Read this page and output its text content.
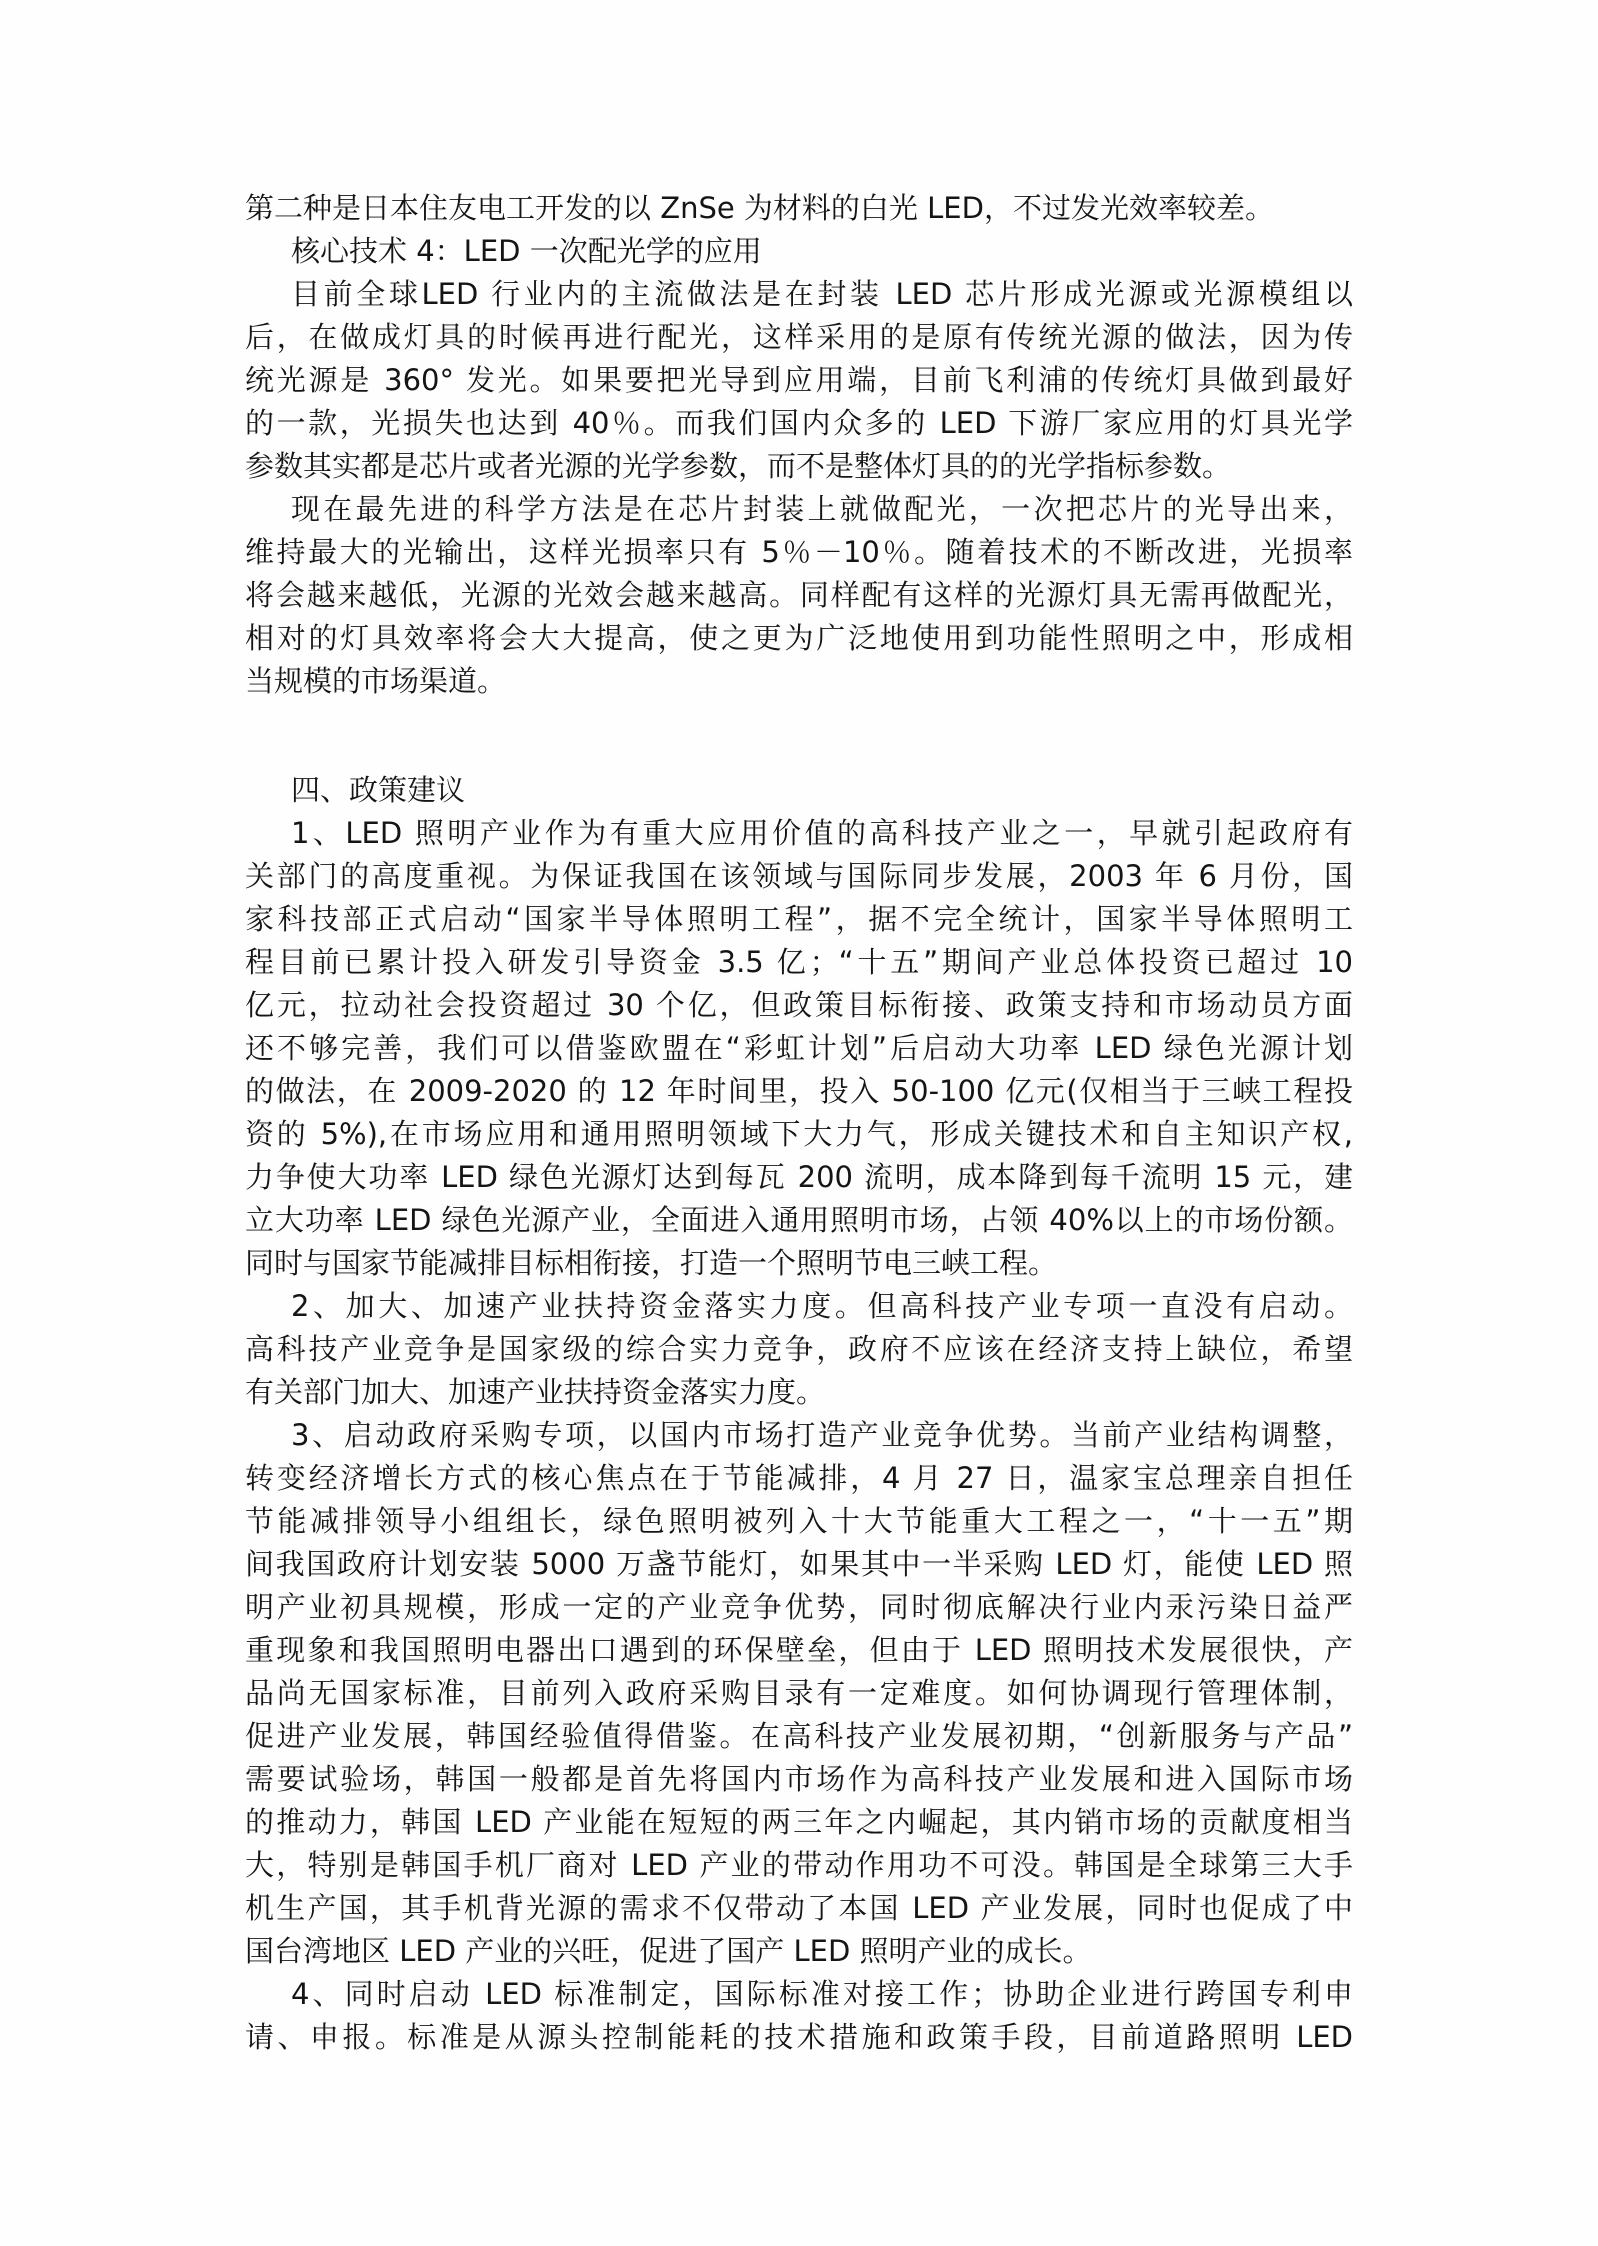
第二种是日本住友电工开发的以 ZnSe 为材料的白光 LED，不过发光效率较差。
核心技术 4：LED 一次配光学的应用
目前全球LED 行业内的主流做法是在封装 LED 芯片形成光源或光源模组以
后，在做成灯具的时候再进行配光，这样采用的是原有传统光源的做法，因为传
统光源是 360° 发光。如果要把光导到应用端，目前飞利浦的传统灯具做到最好
的一款，光损失也达到 40％。而我们国内众多的 LED 下游厂家应用的灯具光学
参数其实都是芯片或者光源的光学参数，而不是整体灯具的的光学指标参数。
现在最先进的科学方法是在芯片封装上就做配光，一次把芯片的光导出来，
维持最大的光输出，这样光损率只有 5％－10％。随着技术的不断改进，光损率
将会越来越低，光源的光效会越来越高。同样配有这样的光源灯具无需再做配光，
相对的灯具效率将会大大提高，使之更为广泛地使用到功能性照明之中，形成相
当规模的市场渠道。
四、政策建议
1、LED 照明产业作为有重大应用价值的高科技产业之一，早就引起政府有
关部门的高度重视。为保证我国在该领域与国际同步发展，2003 年 6 月份，国
家科技部正式启动“国家半导体照明工程”，据不完全统计，国家半导体照明工
程目前已累计投入研发引导资金 3.5 亿；“十五”期间产业总体投资已超过 10
亿元，拉动社会投资超过 30 个亿，但政策目标衔接、政策支持和市场动员方面
还不够完善，我们可以借鉴欧盟在“彩虹计划”后启动大功率 LED 绿色光源计划
的做法，在 2009-2020 的 12 年时间里，投入 50-100 亿元(仅相当于三峡工程投
资的 5%),在市场应用和通用照明领域下大力气，形成关键技术和自主知识产权,
力争使大功率 LED 绿色光源灯达到每瓦 200 流明，成本降到每千流明 15 元，建
立大功率 LED 绿色光源产业，全面进入通用照明市场，占领 40%以上的市场份额。
同时与国家节能减排目标相衔接，打造一个照明节电三峡工程。
2、加大、加速产业扶持资金落实力度。但高科技产业专项一直没有启动。
高科技产业竞争是国家级的综合实力竞争，政府不应该在经济支持上缺位，希望
有关部门加大、加速产业扶持资金落实力度。
3、启动政府采购专项，以国内市场打造产业竞争优势。当前产业结构调整，
转变经济增长方式的核心焦点在于节能减排，4 月 27 日，温家宝总理亲自担任
节能减排领导小组组长，绿色照明被列入十大节能重大工程之一，“十一五”期
间我国政府计划安装 5000 万盏节能灯，如果其中一半采购 LED 灯，能使 LED 照
明产业初具规模，形成一定的产业竞争优势，同时彻底解决行业内汞污染日益严
重现象和我国照明电器出口遇到的环保壁垒，但由于 LED 照明技术发展很快，产
品尚无国家标准，目前列入政府采购目录有一定难度。如何协调现行管理体制，
促进产业发展，韩国经验值得借鉴。在高科技产业发展初期，“创新服务与产品”
需要试验场，韩国一般都是首先将国内市场作为高科技产业发展和进入国际市场
的推动力，韩国 LED 产业能在短短的两三年之内崛起，其内销市场的贡献度相当
大，特别是韩国手机厂商对 LED 产业的带动作用功不可没。韩国是全球第三大手
机生产国，其手机背光源的需求不仅带动了本国 LED 产业发展，同时也促成了中
国台湾地区 LED 产业的兴旺，促进了国产 LED 照明产业的成长。
4、同时启动 LED 标准制定，国际标准对接工作；协助企业进行跨国专利申
请、申报。标准是从源头控制能耗的技术措施和政策手段，目前道路照明 LED
